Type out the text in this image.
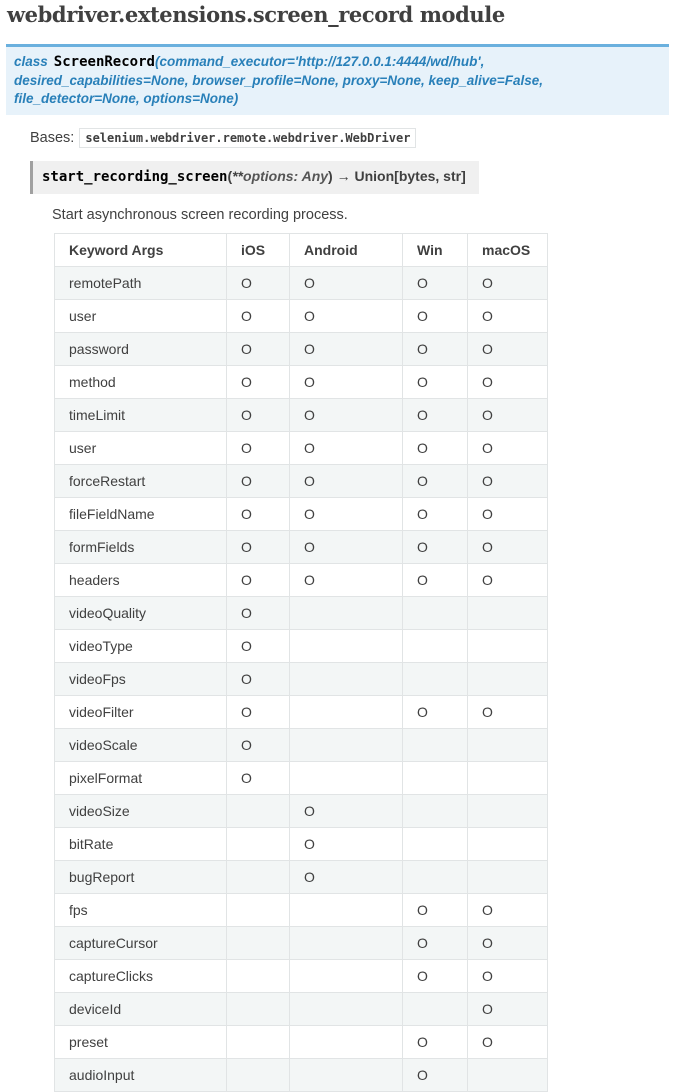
webdriver.extensions.screen_record module
class ScreenRecord(command_executor='http://127.0.0.1:4444/wd/hub', desired_capabilities=None, browser_profile=None, proxy=None, keep_alive=False, file_detector=None, options=None)

Bases: selenium.webdriver.remote.webdriver.WebDriver

start_recording_screen(**options: Any) → Union[bytes, str]

Start asynchronous screen recording process.

Keyword Args	iOS	Android	Win	macOS
remotePath	O	O	O	O
user	O	O	O	O
password	O	O	O	O
method	O	O	O	O
timeLimit	O	O	O	O
user	O	O	O	O
forceRestart	O	O	O	O
fileFieldName	O	O	O	O
formFields	O	O	O	O
headers	O	O	O	O
videoQuality	O			
videoType	O			
videoFps	O			
videoFilter	O		O	O
videoScale	O			
pixelFormat	O			
videoSize		O		
bitRate		O		
bugReport		O		
fps			O	O
captureCursor			O	O
captureClicks			O	O
deviceId				O
preset			O	O
audioInput			O	
